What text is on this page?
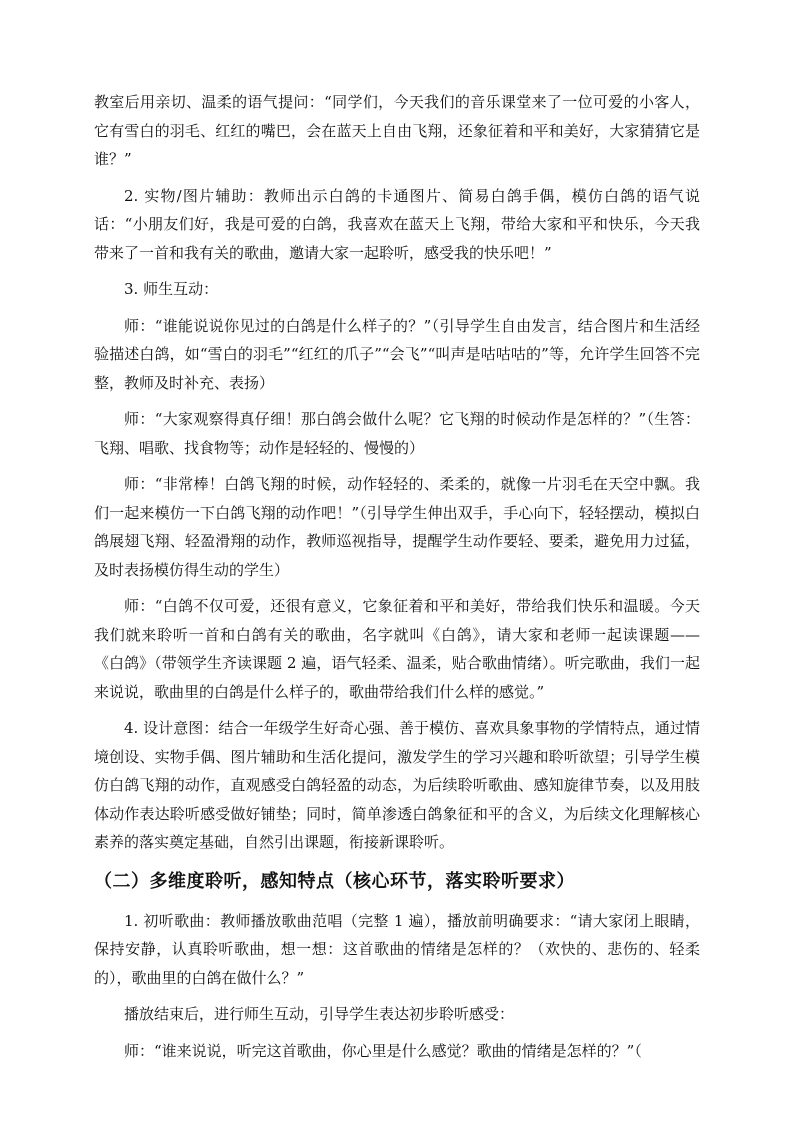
教室后用亲切、温柔的语气提问：“同学们，今天我们的音乐课堂来了一位可爱的小客人，它有雪白的羽毛、红红的嘴巴，会在蓝天上自由飞翔，还象征着和平和美好，大家猜猜它是谁？”

2. 实物/图片辅助：教师出示白鸽的卡通图片、简易白鸽手偶，模仿白鸽的语气说话：“小朋友们好，我是可爱的白鸽，我喜欢在蓝天上飞翔，带给大家和平和快乐，今天我带来了一首和我有关的歌曲，邀请大家一起聆听，感受我的快乐吧！”

3. 师生互动：

师：“谁能说说你见过的白鸽是什么样子的？”（引导学生自由发言，结合图片和生活经验描述白鸽，如“雪白的羽毛”“红红的爪子”“会飞”“叫声是咕咕咕的”等，允许学生回答不完整，教师及时补充、表扬）

师：“大家观察得真仔细！那白鸽会做什么呢？它飞翔的时候动作是怎样的？”（生答：飞翔、唱歌、找食物等；动作是轻轻的、慢慢的）

师：“非常棒！白鸽飞翔的时候，动作轻轻的、柔柔的，就像一片羽毛在天空中飘。我们一起来模仿一下白鸽飞翔的动作吧！”（引导学生伸出双手，手心向下，轻轻摆动，模拟白鸽展翅飞翔、轻盈滑翔的动作，教师巡视指导，提醒学生动作要轻、要柔，避免用力过猛，及时表扬模仿得生动的学生）

师：“白鸽不仅可爱，还很有意义，它象征着和平和美好，带给我们快乐和温暖。今天我们就来聆听一首和白鸽有关的歌曲，名字就叫《白鸽》，请大家和老师一起读课题——《白鸽》（带领学生齐读课题 2 遍，语气轻柔、温柔，贴合歌曲情绪）。听完歌曲，我们一起来说说，歌曲里的白鸽是什么样子的，歌曲带给我们什么样的感觉。”

4. 设计意图：结合一年级学生好奇心强、善于模仿、喜欢具象事物的学情特点，通过情境创设、实物手偶、图片辅助和生活化提问，激发学生的学习兴趣和聆听欲望；引导学生模仿白鸽飞翔的动作，直观感受白鸽轻盈的动态，为后续聆听歌曲、感知旋律节奏，以及用肢体动作表达聆听感受做好铺垫；同时，简单渗透白鸽象征和平的含义，为后续文化理解核心素养的落实奠定基础，自然引出课题，衔接新课聆听。

（二）多维度聆听，感知特点（核心环节，落实聆听要求）

1. 初听歌曲：教师播放歌曲范唱（完整 1 遍），播放前明确要求：“请大家闭上眼睛，保持安静，认真聆听歌曲，想一想：这首歌曲的情绪是怎样的？（欢快的、悲伤的、轻柔的），歌曲里的白鸽在做什么？”

播放结束后，进行师生互动，引导学生表达初步聆听感受：

师：“谁来说说，听完这首歌曲，你心里是什么感觉？歌曲的情绪是怎样的？”（
